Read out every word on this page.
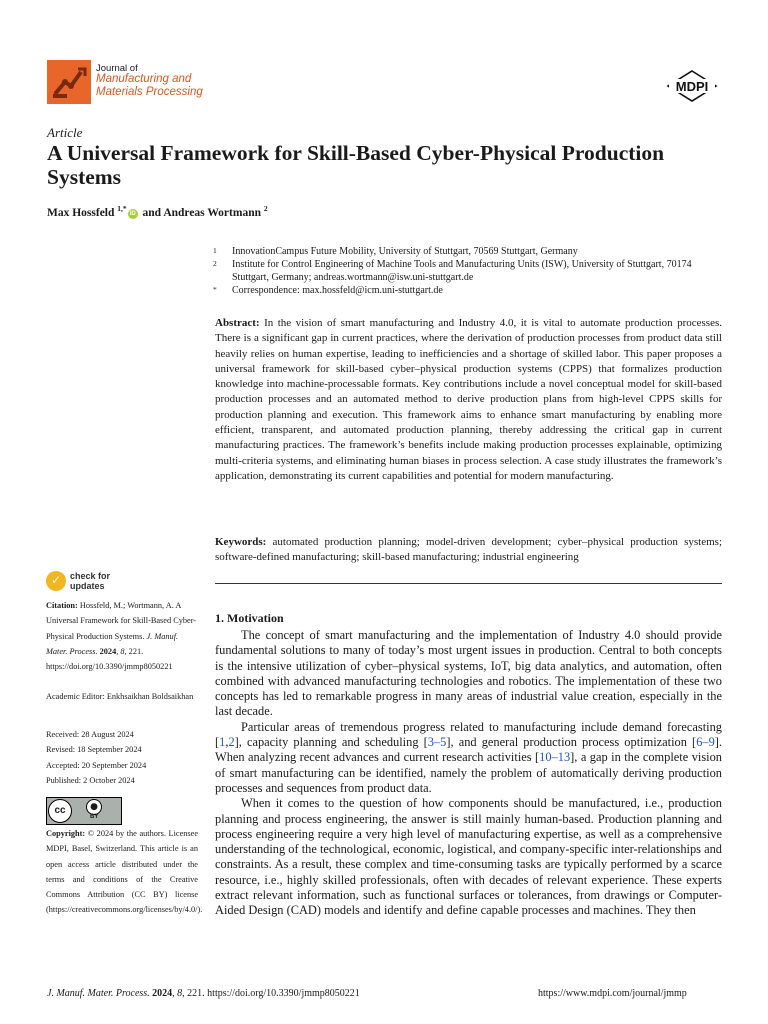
Journal of
Manufacturing and
Materials Processing	MDPI
Article
A Universal Framework for Skill-Based Cyber-Physical Production Systems
Max Hossfeld $^{1,*}$iD and Andreas Wortmann $^2$
1 InnovationCampus Future Mobility, University of Stuttgart, 70569 Stuttgart, Germany
2 Institute for Control Engineering of Machine Tools and Manufacturing Units (ISW), University of Stuttgart, 70174 Stuttgart, Germany; andreas.wortmann@isw.uni-stuttgart.de
* Correspondence: max.hossfeld@icm.uni-stuttgart.de
Abstract: In the vision of smart manufacturing and Industry 4.0, it is vital to automate production processes. There is a significant gap in current practices, where the derivation of production processes from product data still heavily relies on human expertise, leading to inefficiencies and a shortage of skilled labor. This paper proposes a universal framework for skill-based cyber–physical production systems (CPPS) that formalizes production knowledge into machine-processable formats. Key contributions include a novel conceptual model for skill-based production processes and an automated method to derive production plans from high-level CPPS skills for production planning and execution. This framework aims to enhance smart manufacturing by enabling more efficient, transparent, and automated production planning, thereby addressing the critical gap in current manufacturing practices. The framework’s benefits include making production processes explainable, optimizing multi-criteria systems, and eliminating human biases in process selection. A case study illustrates the framework’s application, demonstrating its current capabilities and potential for modern manufacturing.
Keywords: automated production planning; model-driven development; cyber–physical production systems; software-defined manufacturing; skill-based manufacturing; industrial engineering
✓ check for
updates
Citation: Hossfeld, M.; Wortmann, A. A Universal Framework for Skill-Based Cyber-Physical Production Systems. J. Manuf. Mater. Process. 2024, 8, 221. https://doi.org/10.3390/jmmp8050221
Academic Editor: Enkhsaikhan Boldsaikhan
Received: 28 August 2024
Revised: 18 September 2024
Accepted: 20 September 2024
Published: 2 October 2024
cc	●
BY
Copyright: © 2024 by the authors. Licensee MDPI, Basel, Switzerland. This article is an open access article distributed under the terms and conditions of the Creative Commons Attribution (CC BY) license (https://creativecommons.org/licenses/by/4.0/).
1. Motivation

The concept of smart manufacturing and the implementation of Industry 4.0 should provide fundamental solutions to many of today’s most urgent issues in production. Central to both concepts is the intensive utilization of cyber–physical systems, IoT, big data analytics, and automation, often combined with advanced manufacturing technologies and robotics. The implementation of these two concepts has led to remarkable progress in many areas of industrial value creation, especially in the last decade.

Particular areas of tremendous progress related to manufacturing include demand forecasting [1,2], capacity planning and scheduling [3–5], and general production process optimization [6–9]. When analyzing recent advances and current research activities [10–13], a gap in the complete vision of smart manufacturing can be identified, namely the problem of automatically deriving production processes and sequences from product data.

When it comes to the question of how components should be manufactured, i.e., production planning and process engineering, the answer is still mainly human-based. Production planning and process engineering require a very high level of manufacturing expertise, as well as a comprehensive understanding of the technological, economic, logistical, and company-specific inter-relationships and constraints. As a result, these complex and time-consuming tasks are typically performed by a scarce resource, i.e., highly skilled professionals, often with decades of relevant experience. These experts extract relevant information, such as functional surfaces or tolerances, from drawings or Computer-Aided Design (CAD) models and identify and define capable processes and machines. They then

J. Manuf. Mater. Process. 2024, 8, 221. https://doi.org/10.3390/jmmp8050221	https://www.mdpi.com/journal/jmmp
